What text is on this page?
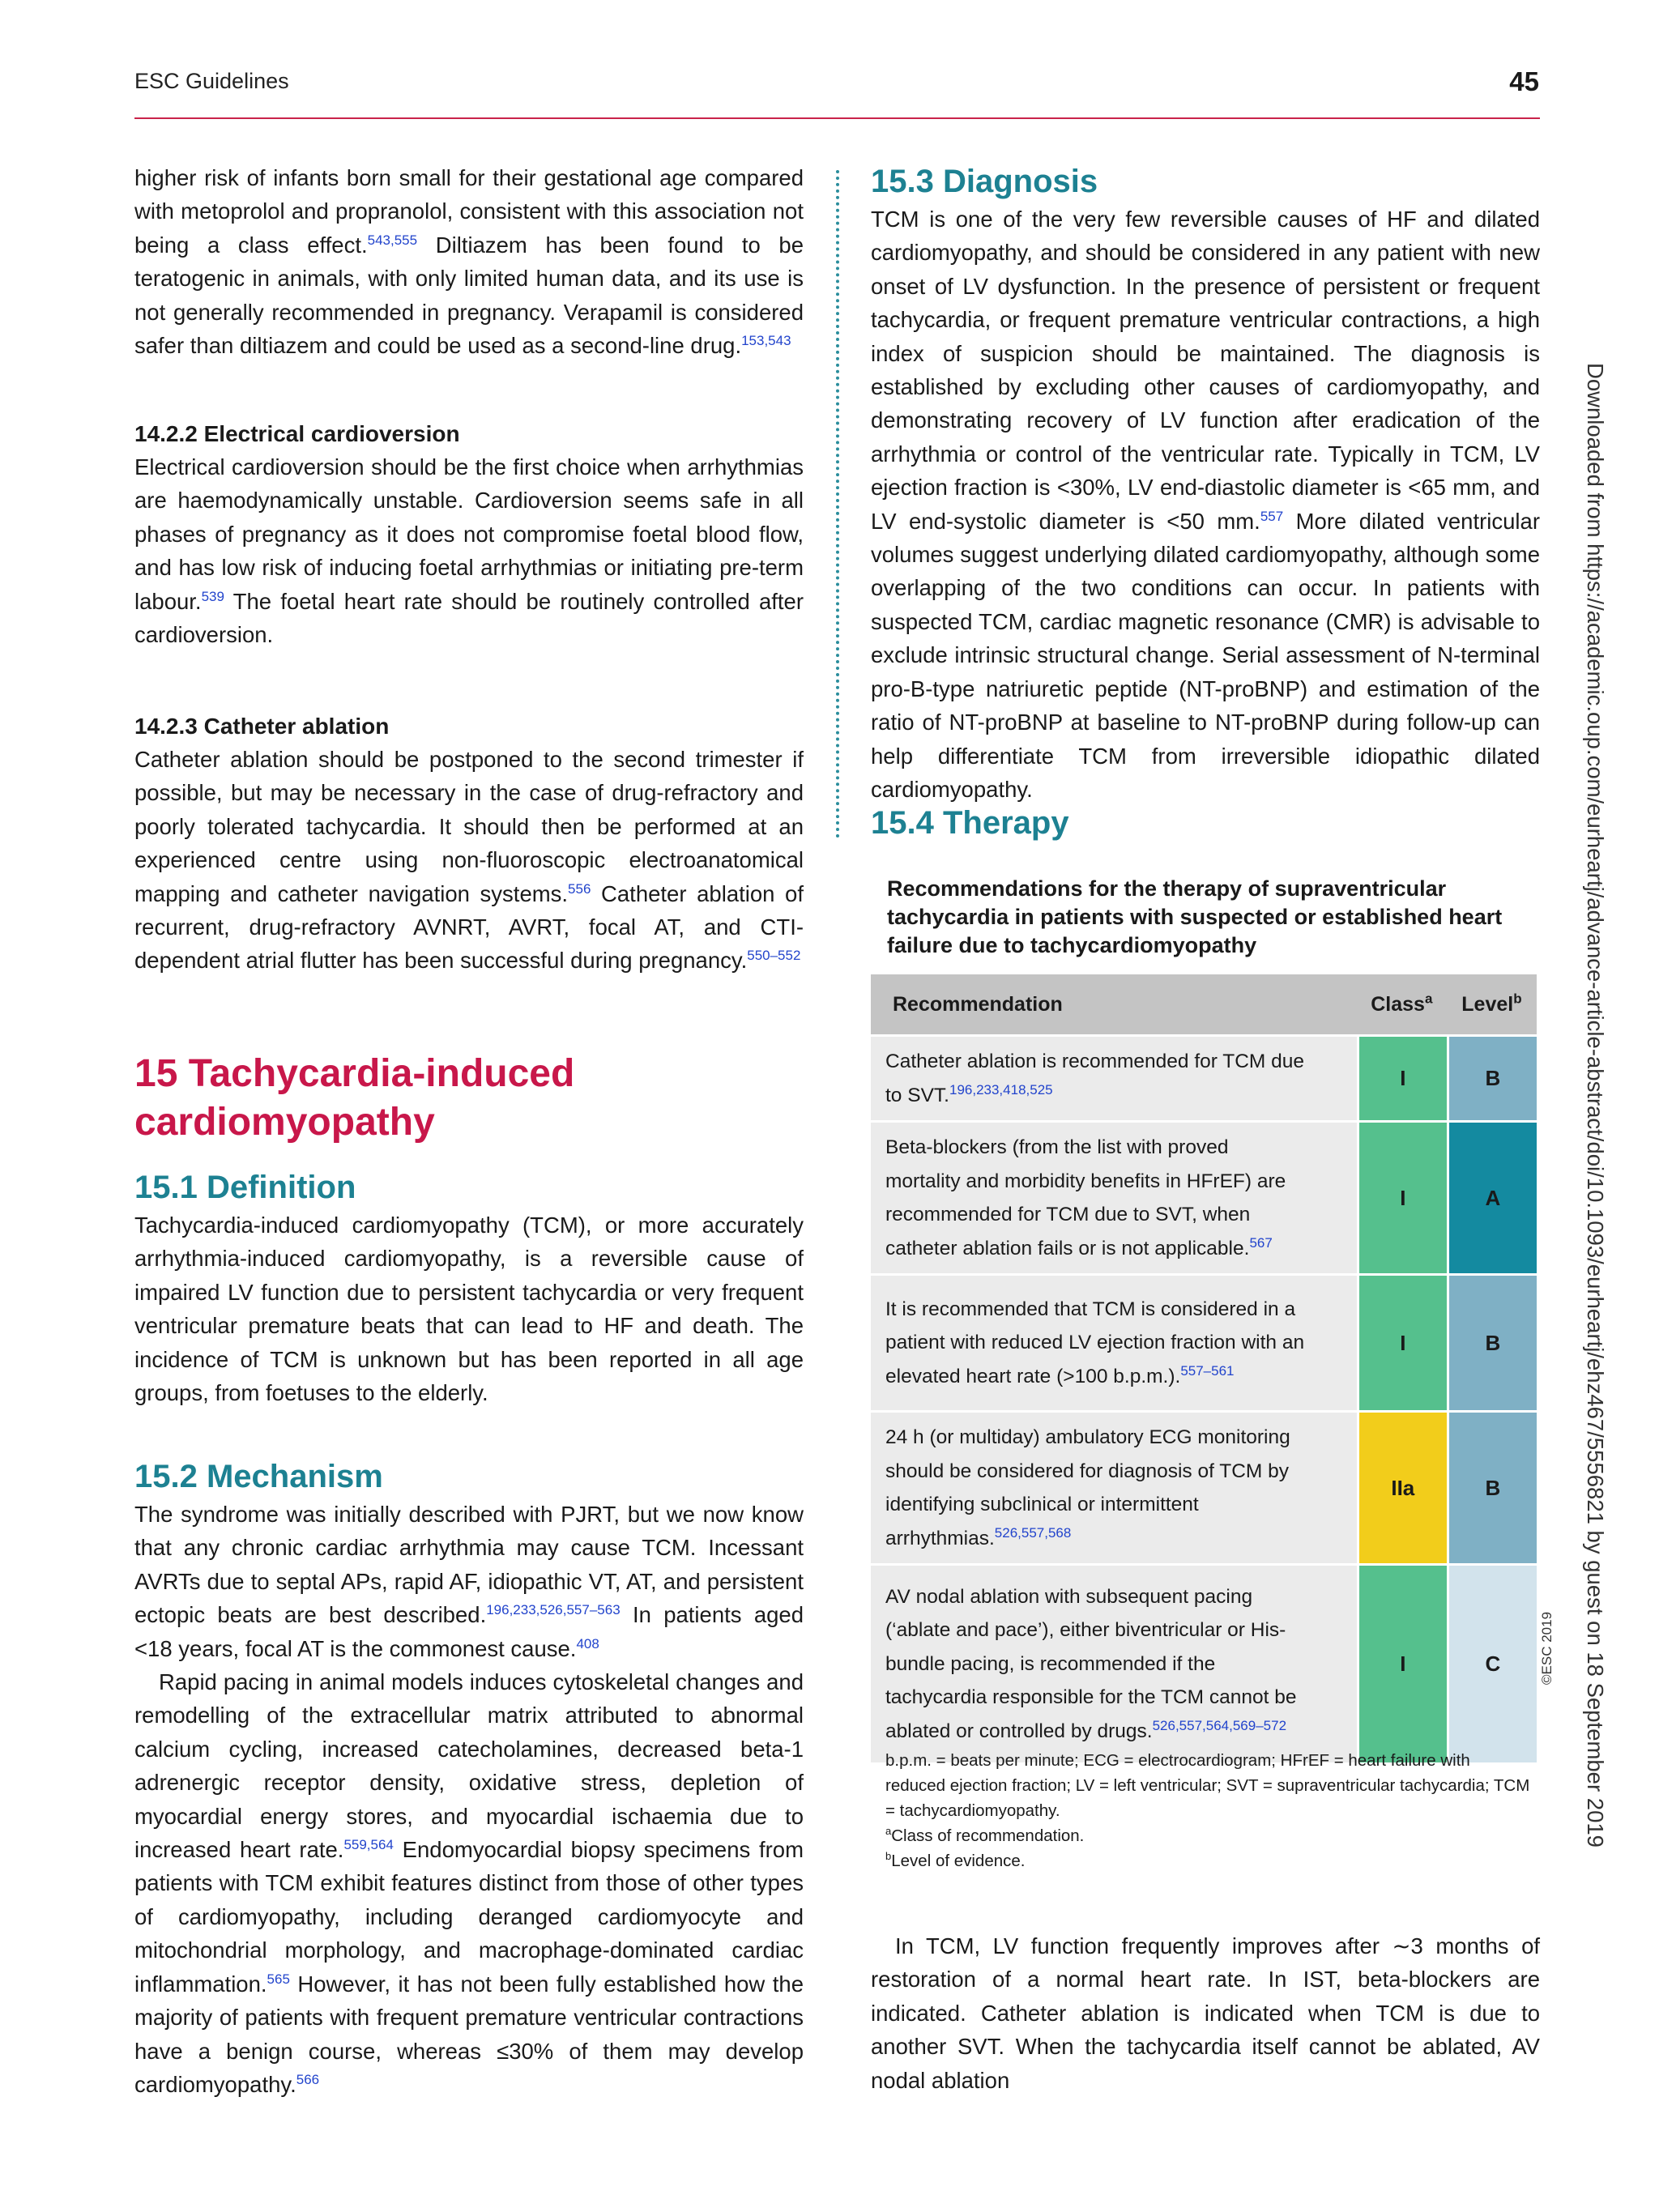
ESC Guidelines	45

higher risk of infants born small for their gestational age compared with metoprolol and propranolol, consistent with this association not being a class effect.$^{543,555}$ Diltiazem has been found to be teratogenic in animals, with only limited human data, and its use is not generally recommended in pregnancy. Verapamil is considered safer than diltiazem and could be used as a second-line drug.$^{153,543}$

14.2.2 Electrical cardioversion

Electrical cardioversion should be the first choice when arrhythmias are haemodynamically unstable. Cardioversion seems safe in all phases of pregnancy as it does not compromise foetal blood flow, and has low risk of inducing foetal arrhythmias or initiating pre-term labour.$^{539}$ The foetal heart rate should be routinely controlled after cardioversion.

14.2.3 Catheter ablation

Catheter ablation should be postponed to the second trimester if possible, but may be necessary in the case of drug-refractory and poorly tolerated tachycardia. It should then be performed at an experienced centre using non-fluoroscopic electroanatomical mapping and catheter navigation systems.$^{556}$ Catheter ablation of recurrent, drug-refractory AVNRT, AVRT, focal AT, and CTI-dependent atrial flutter has been successful during pregnancy.$^{550-552}$

15 Tachycardia-induced
cardiomyopathy
15.1 Definition

Tachycardia-induced cardiomyopathy (TCM), or more accurately arrhythmia-induced cardiomyopathy, is a reversible cause of impaired LV function due to persistent tachycardia or very frequent ventricular premature beats that can lead to HF and death. The incidence of TCM is unknown but has been reported in all age groups, from foetuses to the elderly.

15.2 Mechanism

The syndrome was initially described with PJRT, but we now know that any chronic cardiac arrhythmia may cause TCM. Incessant AVRTs due to septal APs, rapid AF, idiopathic VT, AT, and persistent ectopic beats are best described.$^{196,233,526,557-563}$ In patients aged <18 years, focal AT is the commonest cause.$^{408}$

Rapid pacing in animal models induces cytoskeletal changes and remodelling of the extracellular matrix attributed to abnormal calcium cycling, increased catecholamines, decreased beta-1 adrenergic receptor density, oxidative stress, depletion of myocardial energy stores, and myocardial ischaemia due to increased heart rate.$^{559,564}$ Endomyocardial biopsy specimens from patients with TCM exhibit features distinct from those of other types of cardiomyopathy, including deranged cardiomyocyte and mitochondrial morphology, and macrophage-dominated cardiac inflammation.$^{565}$ However, it has not been fully established how the majority of patients with frequent premature ventricular contractions have a benign course, whereas ≤30% of them may develop cardiomyopathy.$^{566}$

15.3 Diagnosis

TCM is one of the very few reversible causes of HF and dilated cardiomyopathy, and should be considered in any patient with new onset of LV dysfunction. In the presence of persistent or frequent tachycardia, or frequent premature ventricular contractions, a high index of suspicion should be maintained. The diagnosis is established by excluding other causes of cardiomyopathy, and demonstrating recovery of LV function after eradication of the arrhythmia or control of the ventricular rate. Typically in TCM, LV ejection fraction is <30%, LV end-diastolic diameter is <65 mm, and LV end-systolic diameter is <50 mm.$^{557}$ More dilated ventricular volumes suggest underlying dilated cardiomyopathy, although some overlapping of the two conditions can occur. In patients with suspected TCM, cardiac magnetic resonance (CMR) is advisable to exclude intrinsic structural change. Serial assessment of N-terminal pro-B-type natriuretic peptide (NT-proBNP) and estimation of the ratio of NT-proBNP at baseline to NT-proBNP during follow-up can help differentiate TCM from irreversible idiopathic dilated cardiomyopathy.

15.4 Therapy
Recommendations for the therapy of supraventricular tachycardia in patients with suspected or established heart failure due to tachycardiomyopathy
Recommendation	Class$^a$	Level$^b$
Catheter ablation is recommended for TCM due to SVT.$^{196,233,418,525}$	I	B
Beta-blockers (from the list with proved mortality and morbidity benefits in HFrEF) are recommended for TCM due to SVT, when catheter ablation fails or is not applicable.$^{567}$	I	A
It is recommended that TCM is considered in a patient with reduced LV ejection fraction with an elevated heart rate (>100 b.p.m.).$^{557-561}$	I	B
24 h (or multiday) ambulatory ECG monitoring should be considered for diagnosis of TCM by identifying subclinical or intermittent arrhythmias.$^{526,557,568}$	IIa	B
AV nodal ablation with subsequent pacing (‘ablate and pace’), either biventricular or His-bundle pacing, is recommended if the tachycardia responsible for the TCM cannot be ablated or controlled by drugs.$^{526,557,564,569-572}$	I	C
b.p.m. = beats per minute; ECG = electrocardiogram; HFrEF = heart failure with reduced ejection fraction; LV = left ventricular; SVT = supraventricular tachycardia; TCM = tachycardiomyopathy.
$^a$Class of recommendation.
$^b$Level of evidence.
©ESC 2019

In TCM, LV function frequently improves after ∼3 months of restoration of a normal heart rate. In IST, beta-blockers are indicated. Catheter ablation is indicated when TCM is due to another SVT. When the tachycardia itself cannot be ablated, AV nodal ablation

Downloaded from https://academic.oup.com/eurheartj/advance-article-abstract/doi/10.1093/eurheartj/ehz467/5556821 by guest on 18 September 2019
